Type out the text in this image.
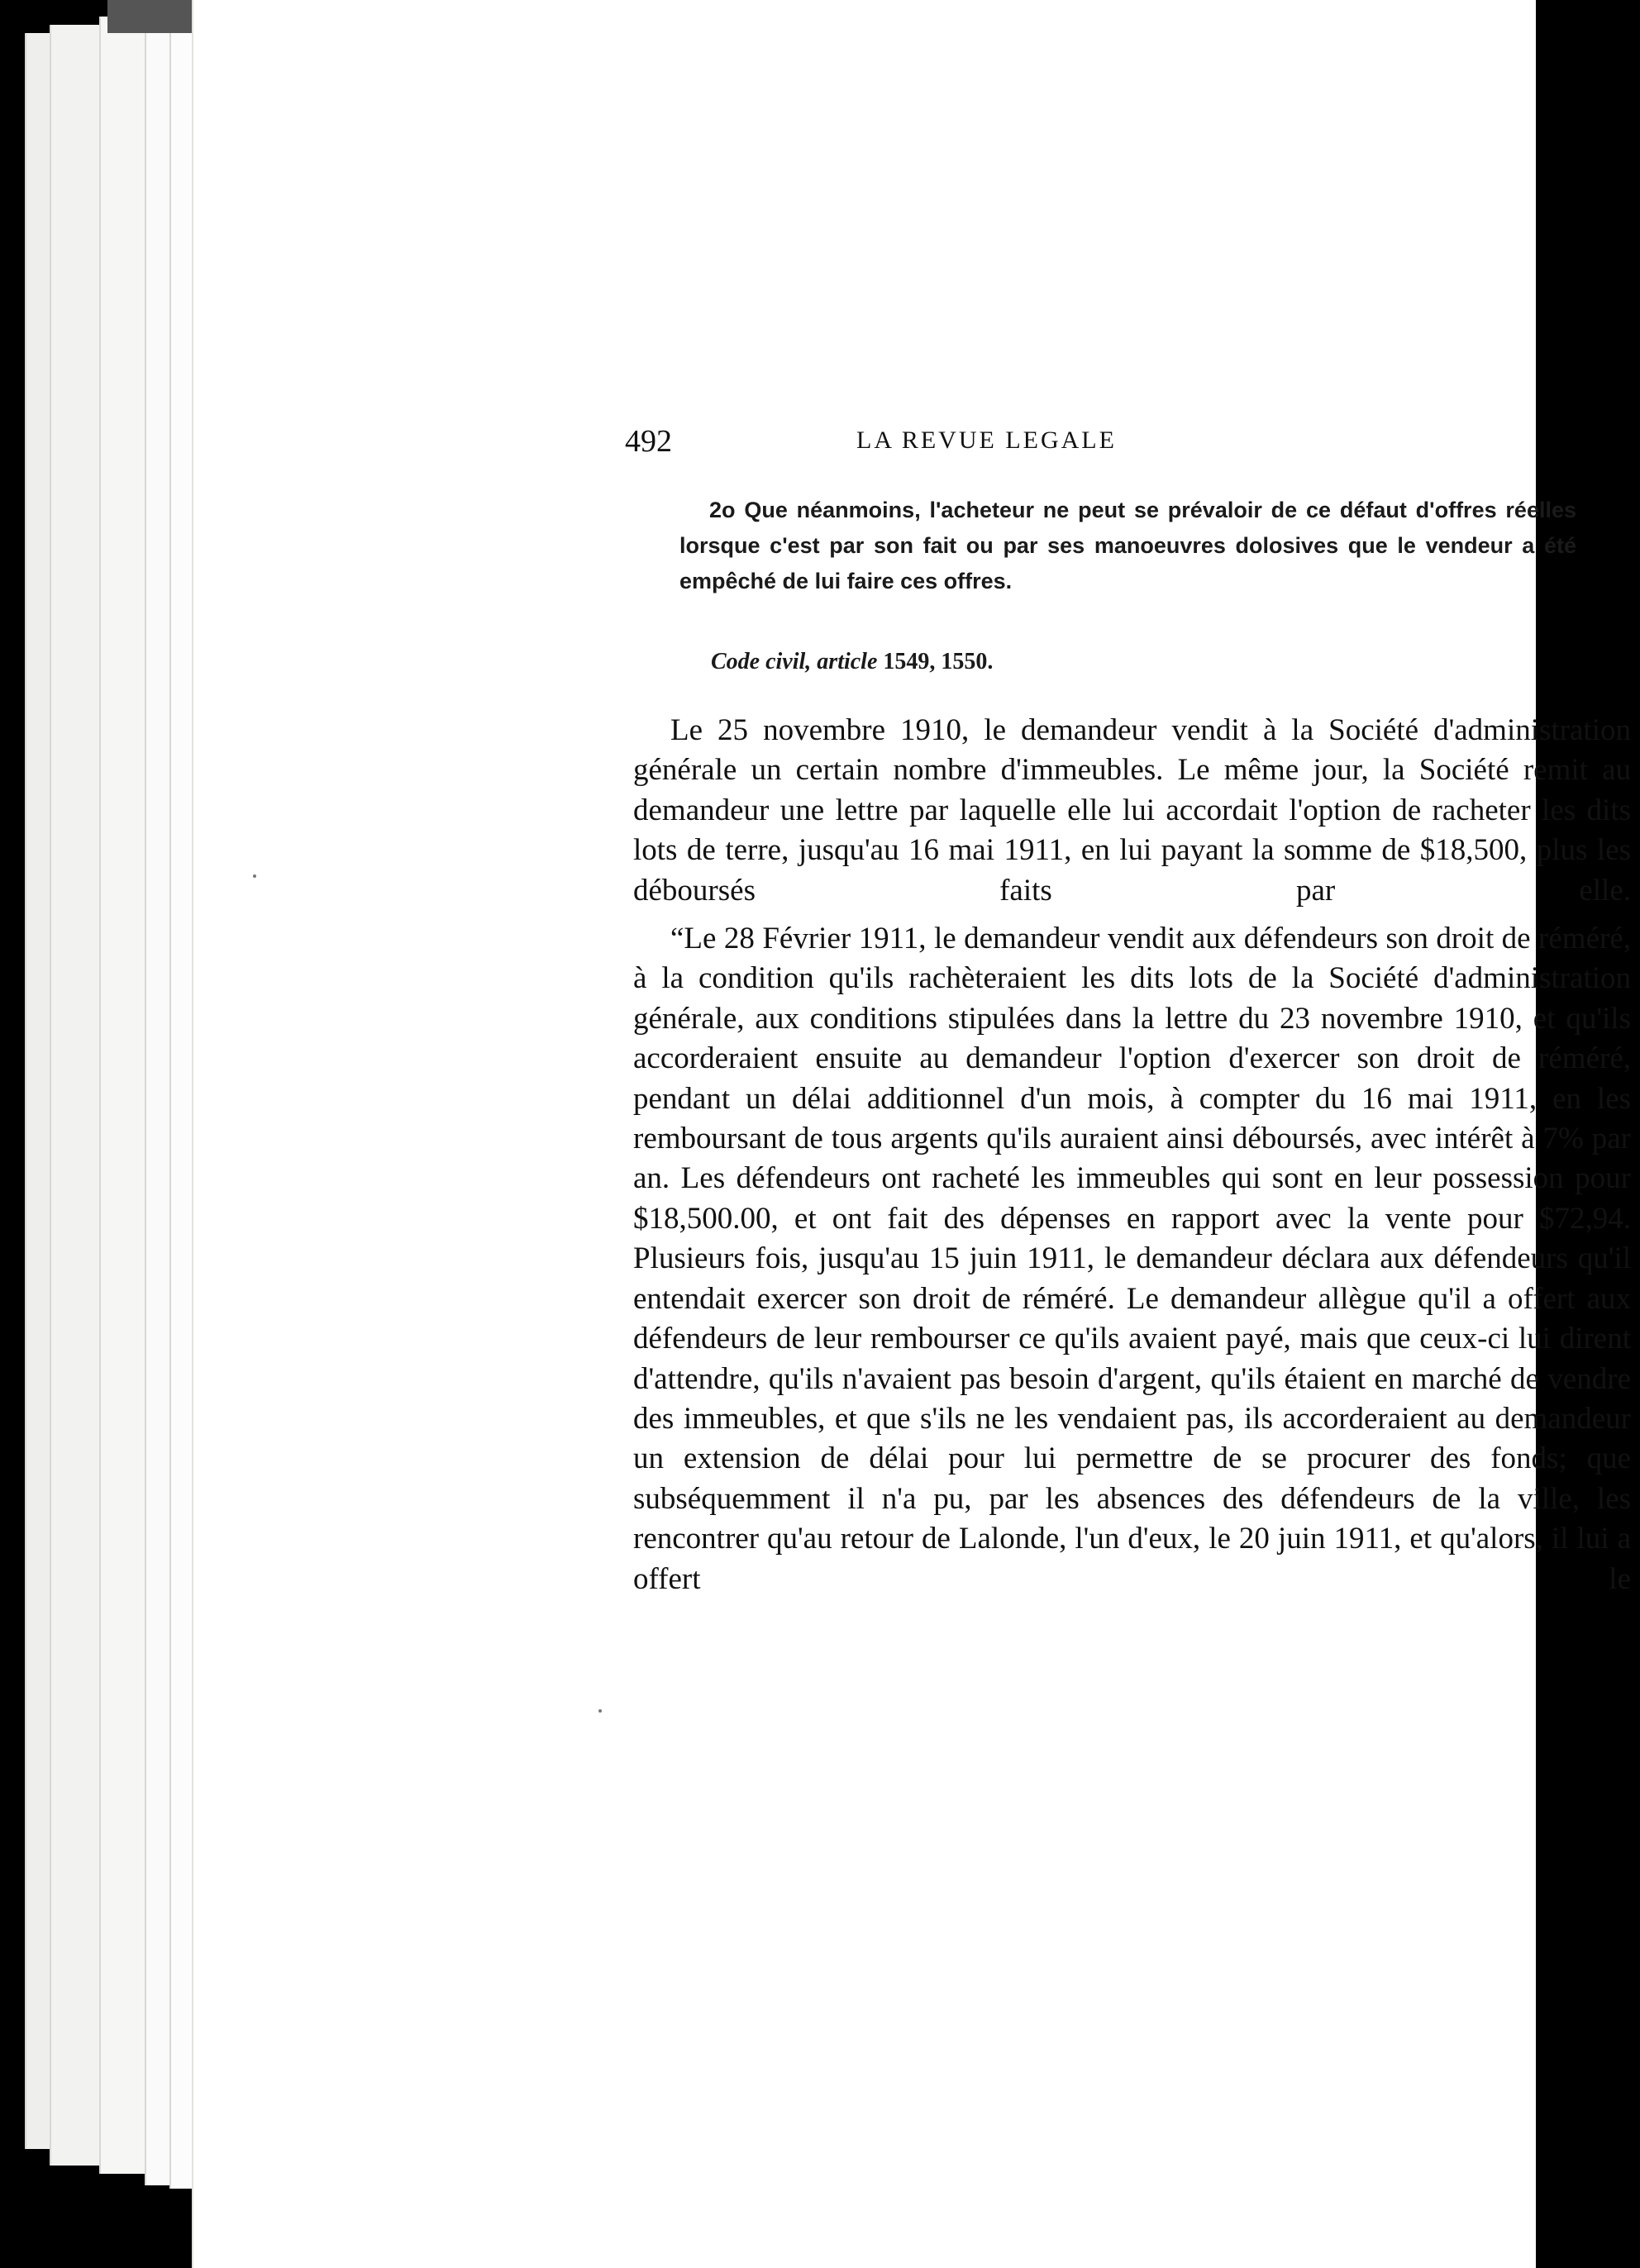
492	LA REVUE LEGALE

2o Que néanmoins, l'acheteur ne peut se prévaloir de ce défaut d'offres réelles lorsque c'est par son fait ou par ses manoeuvres dolosives que le vendeur a été empêché de lui faire ces offres.

Code civil, article 1549, 1550.

Le 25 novembre 1910, le demandeur vendit à la Société d'administration générale un certain nombre d'immeubles. Le même jour, la Société remit au demandeur une lettre par laquelle elle lui accordait l'option de racheter les dits lots de terre, jusqu'au 16 mai 1911, en lui payant la somme de $18,500, plus les déboursés faits par elle.

“Le 28 Février 1911, le demandeur vendit aux défendeurs son droit de réméré, à la condition qu'ils rachèteraient les dits lots de la Société d'administration générale, aux conditions stipulées dans la lettre du 23 novembre 1910, et qu'ils accorderaient ensuite au demandeur l'option d'exercer son droit de réméré, pendant un délai additionnel d'un mois, à compter du 16 mai 1911, en les remboursant de tous argents qu'ils auraient ainsi déboursés, avec intérêt à 7% par an. Les défendeurs ont racheté les immeubles qui sont en leur possession pour $18,500.00, et ont fait des dépenses en rapport avec la vente pour $72,94. Plusieurs fois, jusqu'au 15 juin 1911, le demandeur déclara aux défendeurs qu'il entendait exercer son droit de réméré. Le demandeur allègue qu'il a offert aux défendeurs de leur rembourser ce qu'ils avaient payé, mais que ceux-ci lui dirent d'attendre, qu'ils n'avaient pas besoin d'argent, qu'ils étaient en marché de vendre des immeubles, et que s'ils ne les vendaient pas, ils accorderaient au demandeur un extension de délai pour lui permettre de se procurer des fonds; que subséquemment il n'a pu, par les absences des défendeurs de la ville, les rencontrer qu'au retour de Lalonde, l'un d'eux, le 20 juin 1911, et qu'alors, il lui a offert le
